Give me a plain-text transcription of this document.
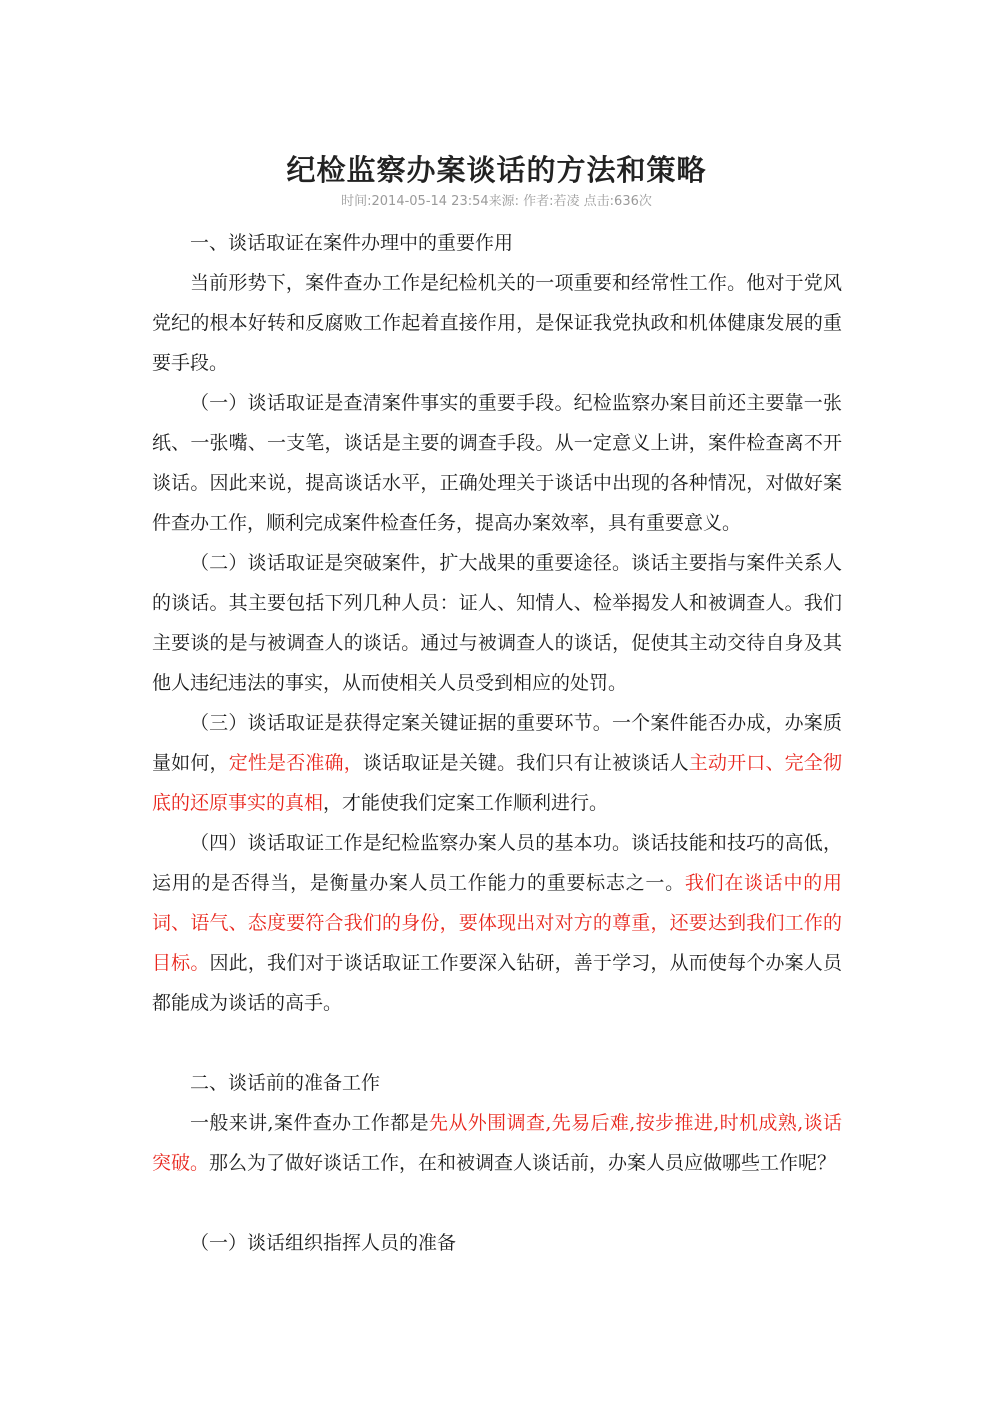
纪检监察办案谈话的方法和策略
时间:2014-05-14 23:54来源: 作者:若凌 点击:636次
一、谈话取证在案件办理中的重要作用

当前形势下，案件查办工作是纪检机关的一项重要和经常性工作。他对于党风党纪的根本好转和反腐败工作起着直接作用，是保证我党执政和机体健康发展的重要手段。

（一）谈话取证是查清案件事实的重要手段。纪检监察办案目前还主要靠一张纸、一张嘴、一支笔，谈话是主要的调查手段。从一定意义上讲，案件检查离不开谈话。因此来说，提高谈话水平，正确处理关于谈话中出现的各种情况，对做好案件查办工作，顺利完成案件检查任务，提高办案效率，具有重要意义。

（二）谈话取证是突破案件，扩大战果的重要途径。谈话主要指与案件关系人的谈话。其主要包括下列几种人员：证人、知情人、检举揭发人和被调查人。我们主要谈的是与被调查人的谈话。通过与被调查人的谈话，促使其主动交待自身及其他人违纪违法的事实，从而使相关人员受到相应的处罚。

（三）谈话取证是获得定案关键证据的重要环节。一个案件能否办成，办案质量如何，定性是否准确，谈话取证是关键。我们只有让被谈话人主动开口、完全彻底的还原事实的真相，才能使我们定案工作顺利进行。

（四）谈话取证工作是纪检监察办案人员的基本功。谈话技能和技巧的高低，运用的是否得当，是衡量办案人员工作能力的重要标志之一。我们在谈话中的用词、语气、态度要符合我们的身份，要体现出对对方的尊重，还要达到我们工作的目标。因此，我们对于谈话取证工作要深入钻研，善于学习，从而使每个办案人员都能成为谈话的高手。

二、谈话前的准备工作

一般来讲,案件查办工作都是先从外围调查,先易后难,按步推进,时机成熟,谈话突破。那么为了做好谈话工作，在和被调查人谈话前，办案人员应做哪些工作呢？

（一）谈话组织指挥人员的准备
